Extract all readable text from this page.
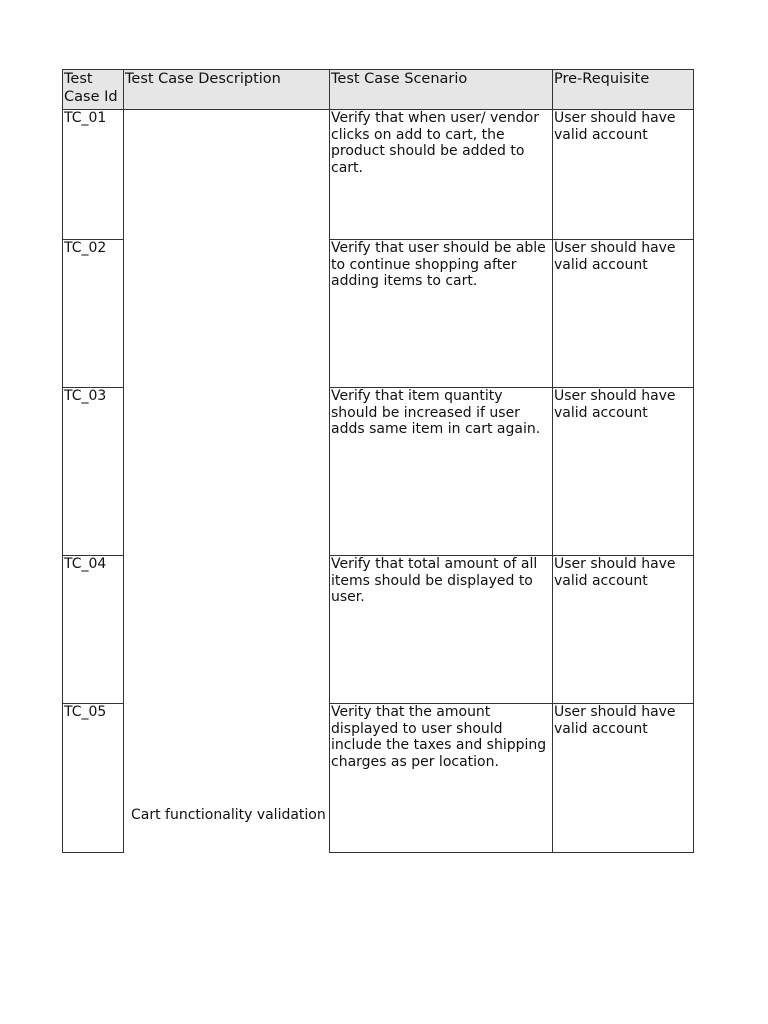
Test Case Id	Test Case Description	Test Case Scenario	Pre-Requisite
TC_01	Cart functionality validation	Verify that when user/ vendor clicks on add to cart, the product should be added to cart.	User should have valid account
TC_02		Verify that user should be able to continue shopping after adding items to cart.	User should have valid account
TC_03		Verify that item quantity should be increased if user adds same item in cart again.	User should have valid account
TC_04		Verify that total amount of all items should be displayed to user.	User should have valid account
TC_05		Verity that the amount displayed to user should include the taxes and shipping charges as per location.	User should have valid account
